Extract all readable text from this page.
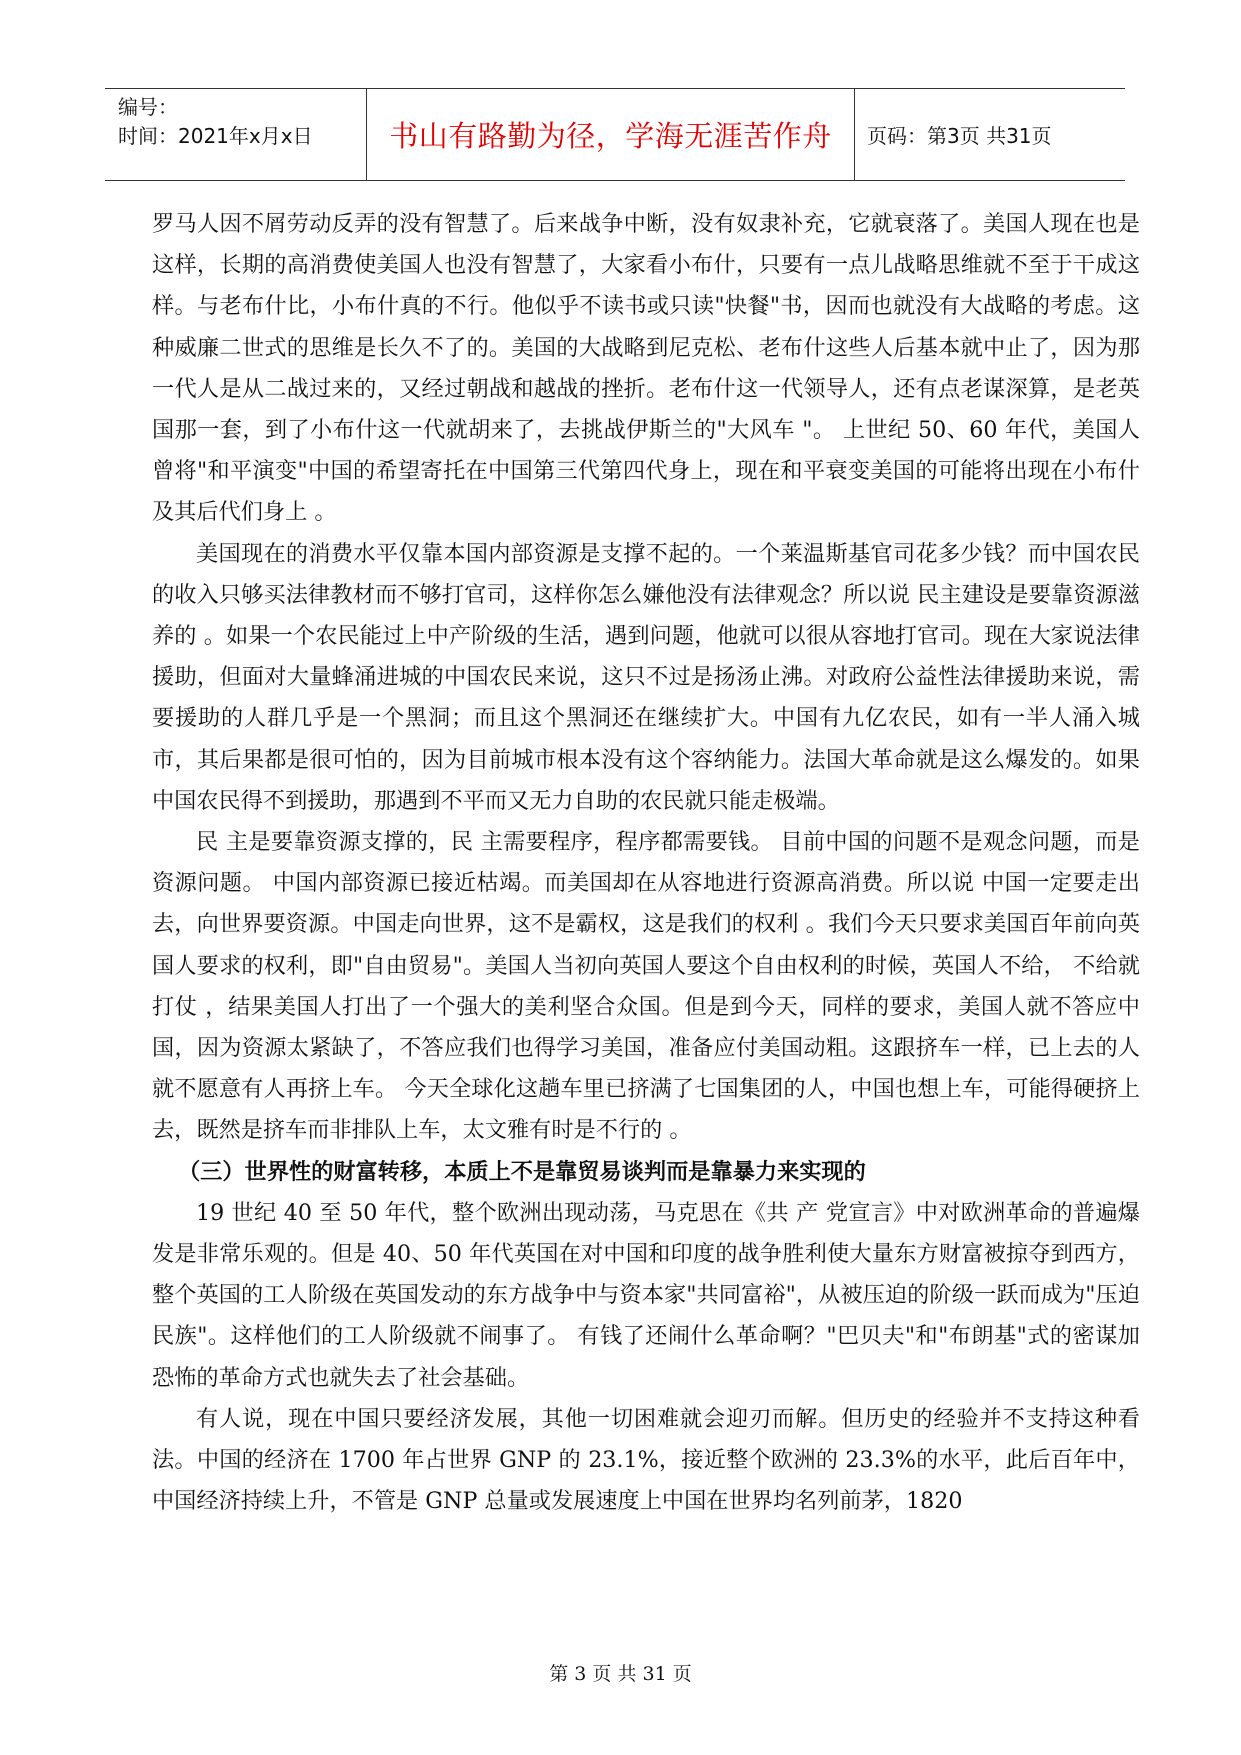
编号：
时间：2021年x月x日	书山有路勤为径，学海无涯苦作舟	页码：第3页 共31页

罗马人因不屑劳动反弄的没有智慧了。后来战争中断，没有奴隶补充，它就衰落了。美国人现在也是这样，长期的高消费使美国人也没有智慧了，大家看小布什，只要有一点儿战略思维就不至于干成这样。与老布什比，小布什真的不行。他似乎不读书或只读"快餐"书，因而也就没有大战略的考虑。这种威廉二世式的思维是长久不了的。美国的大战略到尼克松、老布什这些人后基本就中止了，因为那一代人是从二战过来的，又经过朝战和越战的挫折。老布什这一代领导人，还有点老谋深算，是老英国那一套，到了小布什这一代就胡来了，去挑战伊斯兰的"大风车 "。 上世纪 50、60 年代，美国人曾将"和平演变"中国的希望寄托在中国第三代第四代身上，现在和平衰变美国的可能将出现在小布什及其后代们身上 。

美国现在的消费水平仅靠本国内部资源是支撑不起的。一个莱温斯基官司花多少钱？而中国农民的收入只够买法律教材而不够打官司，这样你怎么嫌他没有法律观念？所以说 民主建设是要靠资源滋养的 。如果一个农民能过上中产阶级的生活，遇到问题，他就可以很从容地打官司。现在大家说法律援助，但面对大量蜂涌进城的中国农民来说，这只不过是扬汤止沸。对政府公益性法律援助来说，需要援助的人群几乎是一个黑洞；而且这个黑洞还在继续扩大。中国有九亿农民，如有一半人涌入城市，其后果都是很可怕的，因为目前城市根本没有这个容纳能力。法国大革命就是这么爆发的。如果中国农民得不到援助，那遇到不平而又无力自助的农民就只能走极端。

民 主是要靠资源支撑的，民 主需要程序，程序都需要钱。 目前中国的问题不是观念问题，而是资源问题。 中国内部资源已接近枯竭。而美国却在从容地进行资源高消费。所以说 中国一定要走出去，向世界要资源。中国走向世界，这不是霸权，这是我们的权利 。我们今天只要求美国百年前向英国人要求的权利，即"自由贸易"。美国人当初向英国人要这个自由权利的时候，英国人不给， 不给就打仗 ，结果美国人打出了一个强大的美利坚合众国。但是到今天，同样的要求，美国人就不答应中国，因为资源太紧缺了，不答应我们也得学习美国，准备应付美国动粗。这跟挤车一样，已上去的人就不愿意有人再挤上车。 今天全球化这趟车里已挤满了七国集团的人，中国也想上车，可能得硬挤上去，既然是挤车而非排队上车，太文雅有时是不行的 。

（三）世界性的财富转移，本质上不是靠贸易谈判而是靠暴力来实现的

19 世纪 40 至 50 年代，整个欧洲出现动荡，马克思在《共 产 党宣言》中对欧洲革命的普遍爆发是非常乐观的。但是 40、50 年代英国在对中国和印度的战争胜利使大量东方财富被掠夺到西方，整个英国的工人阶级在英国发动的东方战争中与资本家"共同富裕"，从被压迫的阶级一跃而成为"压迫民族"。这样他们的工人阶级就不闹事了。 有钱了还闹什么革命啊？"巴贝夫"和"布朗基"式的密谋加恐怖的革命方式也就失去了社会基础。

有人说，现在中国只要经济发展，其他一切困难就会迎刃而解。但历史的经验并不支持这种看法。中国的经济在 1700 年占世界 GNP 的 23.1%，接近整个欧洲的 23.3%的水平，此后百年中，中国经济持续上升，不管是 GNP 总量或发展速度上中国在世界均名列前茅，1820

第 3 页 共 31 页
